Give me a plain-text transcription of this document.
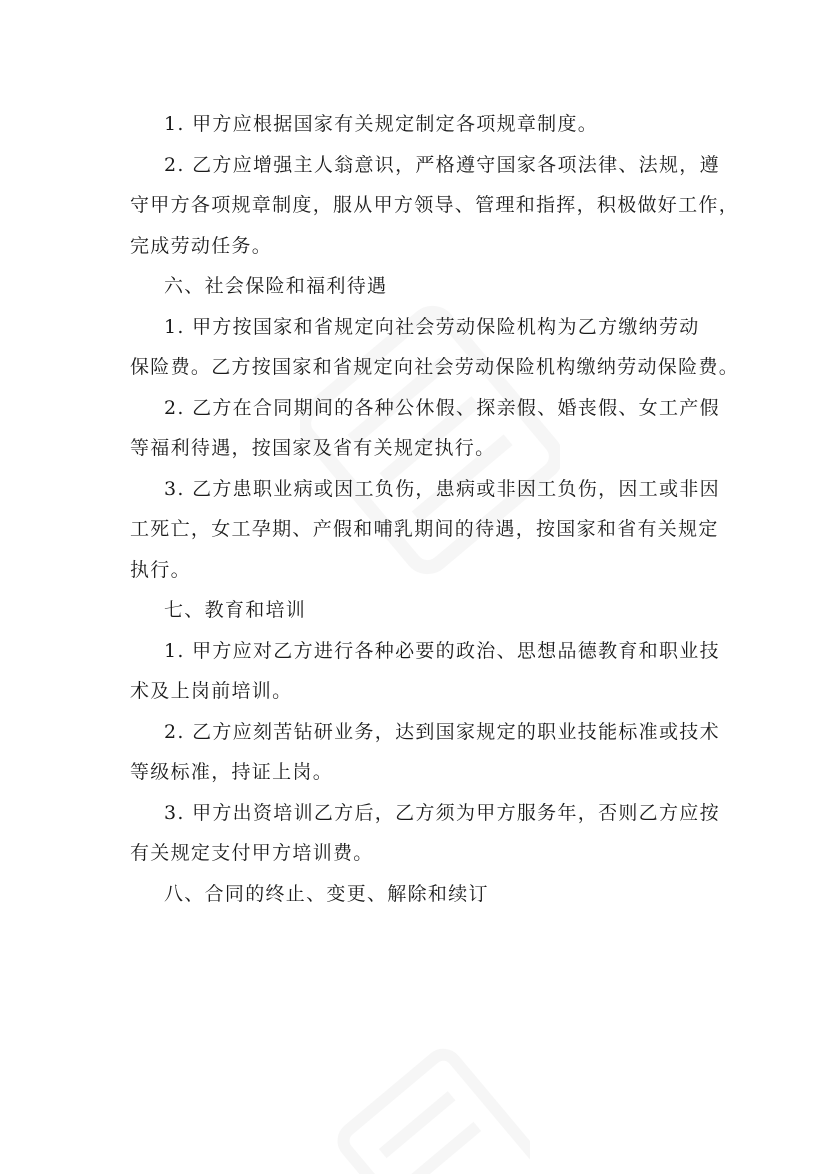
1. 甲方应根据国家有关规定制定各项规章制度。
2. 乙方应增强主人翁意识，严格遵守国家各项法律、法规，遵
守甲方各项规章制度，服从甲方领导、管理和指挥，积极做好工作，
完成劳动任务。
六、社会保险和福利待遇
1. 甲方按国家和省规定向社会劳动保险机构为乙方缴纳劳动
保险费。乙方按国家和省规定向社会劳动保险机构缴纳劳动保险费。
2. 乙方在合同期间的各种公休假、探亲假、婚丧假、女工产假
等福利待遇，按国家及省有关规定执行。
3. 乙方患职业病或因工负伤，患病或非因工负伤，因工或非因
工死亡，女工孕期、产假和哺乳期间的待遇，按国家和省有关规定
执行。
七、教育和培训
1. 甲方应对乙方进行各种必要的政治、思想品德教育和职业技
术及上岗前培训。
2. 乙方应刻苦钻研业务，达到国家规定的职业技能标准或技术
等级标准，持证上岗。
3. 甲方出资培训乙方后，乙方须为甲方服务年，否则乙方应按
有关规定支付甲方培训费。
八、合同的终止、变更、解除和续订
